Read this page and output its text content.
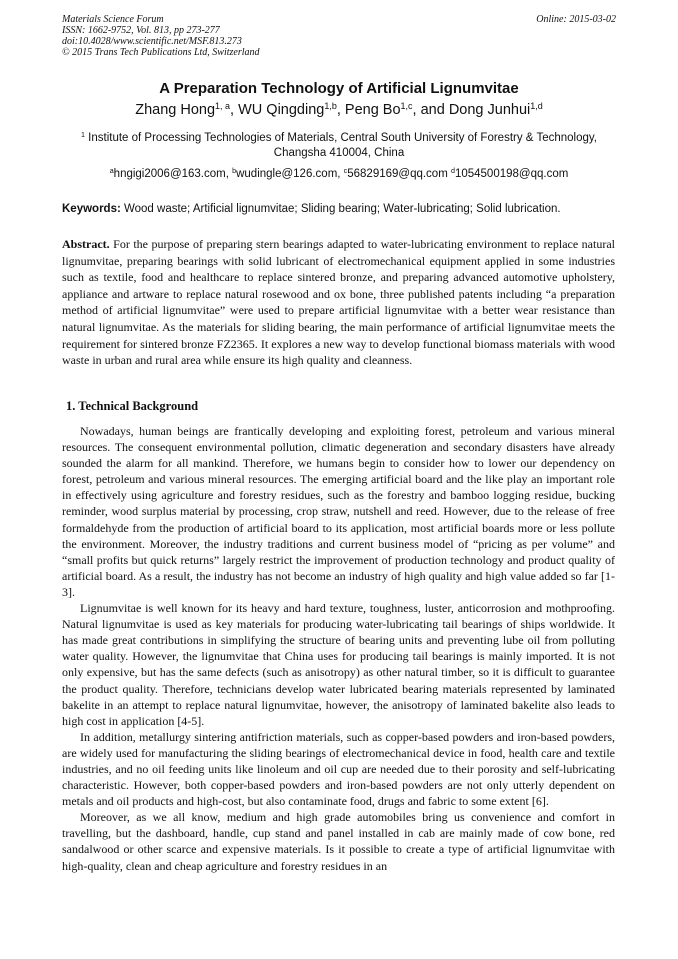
Materials Science Forum
ISSN: 1662-9752, Vol. 813, pp 273-277
doi:10.4028/www.scientific.net/MSF.813.273
© 2015 Trans Tech Publications Ltd, Switzerland
Online: 2015-03-02
A Preparation Technology of Artificial Lignumvitae
Zhang Hong$^{1, a}$, WU Qingding$^{1,b}$, Peng Bo$^{1,c}$, and Dong Junhui$^{1,d}$
$^1$ Institute of Processing Technologies of Materials, Central South University of Forestry & Technology, Changsha 410004, China
$^a$hngigi2006@163.com, $^b$wudingle@126.com, $^c$56829169@qq.com $^d$1054500198@qq.com
Keywords: Wood waste; Artificial lignumvitae; Sliding bearing; Water-lubricating; Solid lubrication.
Abstract. For the purpose of preparing stern bearings adapted to water-lubricating environment to replace natural lignumvitae, preparing bearings with solid lubricant of electromechanical equipment applied in some industries such as textile, food and healthcare to replace sintered bronze, and preparing advanced automotive upholstery, appliance and artware to replace natural rosewood and ox bone, three published patents including “a preparation method of artificial lignumvitae” were used to prepare artificial lignumvitae with a better wear resistance than natural lignumvitae. As the materials for sliding bearing, the main performance of artificial lignumvitae meets the requirement for sintered bronze FZ2365. It explores a new way to develop functional biomass materials with wood waste in urban and rural area while ensure its high quality and cleanness.
1. Technical Background

Nowadays, human beings are frantically developing and exploiting forest, petroleum and various mineral resources. The consequent environmental pollution, climatic degeneration and secondary disasters have already sounded the alarm for all mankind. Therefore, we humans begin to consider how to lower our dependency on forest, petroleum and various mineral resources. The emerging artificial board and the like play an important role in effectively using agriculture and forestry residues, such as the forestry and bamboo logging residue, bucking reminder, wood surplus material by processing, crop straw, nutshell and reed. However, due to the release of free formaldehyde from the production of artificial board to its application, most artificial boards more or less pollute the environment. Moreover, the industry traditions and current business model of “pricing as per volume” and “small profits but quick returns” largely restrict the improvement of production technology and product quality of artificial board. As a result, the industry has not become an industry of high quality and high value added so far [1-3].

Lignumvitae is well known for its heavy and hard texture, toughness, luster, anticorrosion and mothproofing. Natural lignumvitae is used as key materials for producing water-lubricating tail bearings of ships worldwide. It has made great contributions in simplifying the structure of bearing units and preventing lube oil from polluting water quality. However, the lignumvitae that China uses for producing tail bearings is mainly imported. It is not only expensive, but has the same defects (such as anisotropy) as other natural timber, so it is difficult to guarantee the product quality. Therefore, technicians develop water lubricated bearing materials represented by laminated bakelite in an attempt to replace natural lignumvitae, however, the anisotropy of laminated bakelite also leads to high cost in application [4-5].

In addition, metallurgy sintering antifriction materials, such as copper-based powders and iron-based powders, are widely used for manufacturing the sliding bearings of electromechanical device in food, health care and textile industries, and no oil feeding units like linoleum and oil cup are needed due to their porosity and self-lubricating characteristic. However, both copper-based powders and iron-based powders are not only utterly dependent on metals and oil products and high-cost, but also contaminate food, drugs and fabric to some extent [6].

Moreover, as we all know, medium and high grade automobiles bring us convenience and comfort in travelling, but the dashboard, handle, cup stand and panel installed in cab are mainly made of cow bone, red sandalwood or other scarce and expensive materials. Is it possible to create a type of artificial lignumvitae with high-quality, clean and cheap agriculture and forestry residues in an
